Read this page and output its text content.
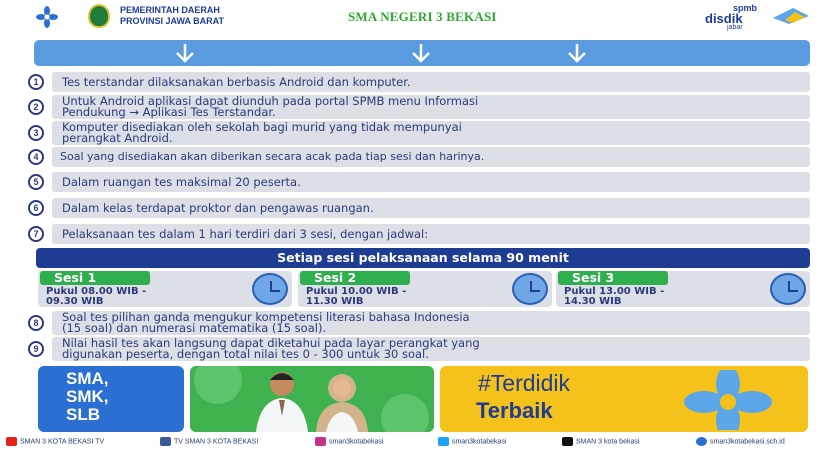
PEMERINTAH DAERAH
PROVINSI JAWA BARAT	SMA NEGERI 3 BEKASI
spmb
disdik
jabar
1	Tes terstandar dilaksanakan berbasis Android dan komputer.
2	Untuk Android aplikasi dapat diunduh pada portal SPMB menu Informasi
Pendukung → Aplikasi Tes Terstandar.
3	Komputer disediakan oleh sekolah bagi murid yang tidak mempunyai
perangkat Android.
4	Soal yang disediakan akan diberikan secara acak pada tiap sesi dan harinya.
5	Dalam ruangan tes maksimal 20 peserta.
6	Dalam kelas terdapat proktor dan pengawas ruangan.
7	Pelaksanaan tes dalam 1 hari terdiri dari 3 sesi, dengan jadwal:
Setiap sesi pelaksanaan selama 90 menit
Sesi 1
Pukul 08.00 WIB -
09.30 WIB
Sesi 2
Pukul 10.00 WIB -
11.30 WIB
Sesi 3
Pukul 13.00 WIB -
14.30 WIB
8	Soal tes pilihan ganda mengukur kompetensi literasi bahasa Indonesia
(15 soal) dan numerasi matematika (15 soal).
9	Nilai hasil tes akan langsung dapat diketahui pada layar perangkat yang
digunakan peserta, dengan total nilai tes 0 - 300 untuk 30 soal.
SMA,
SMK,
SLB
#Terdidik
Terbaik
SMAN 3 KOTA BEKASI TV	TV SMAN 3 KOTA BEKASI	sman3kotabekasi	sman3kotabekasi	SMAN 3 kota bekasi	sman3kotabekasi.sch.id
